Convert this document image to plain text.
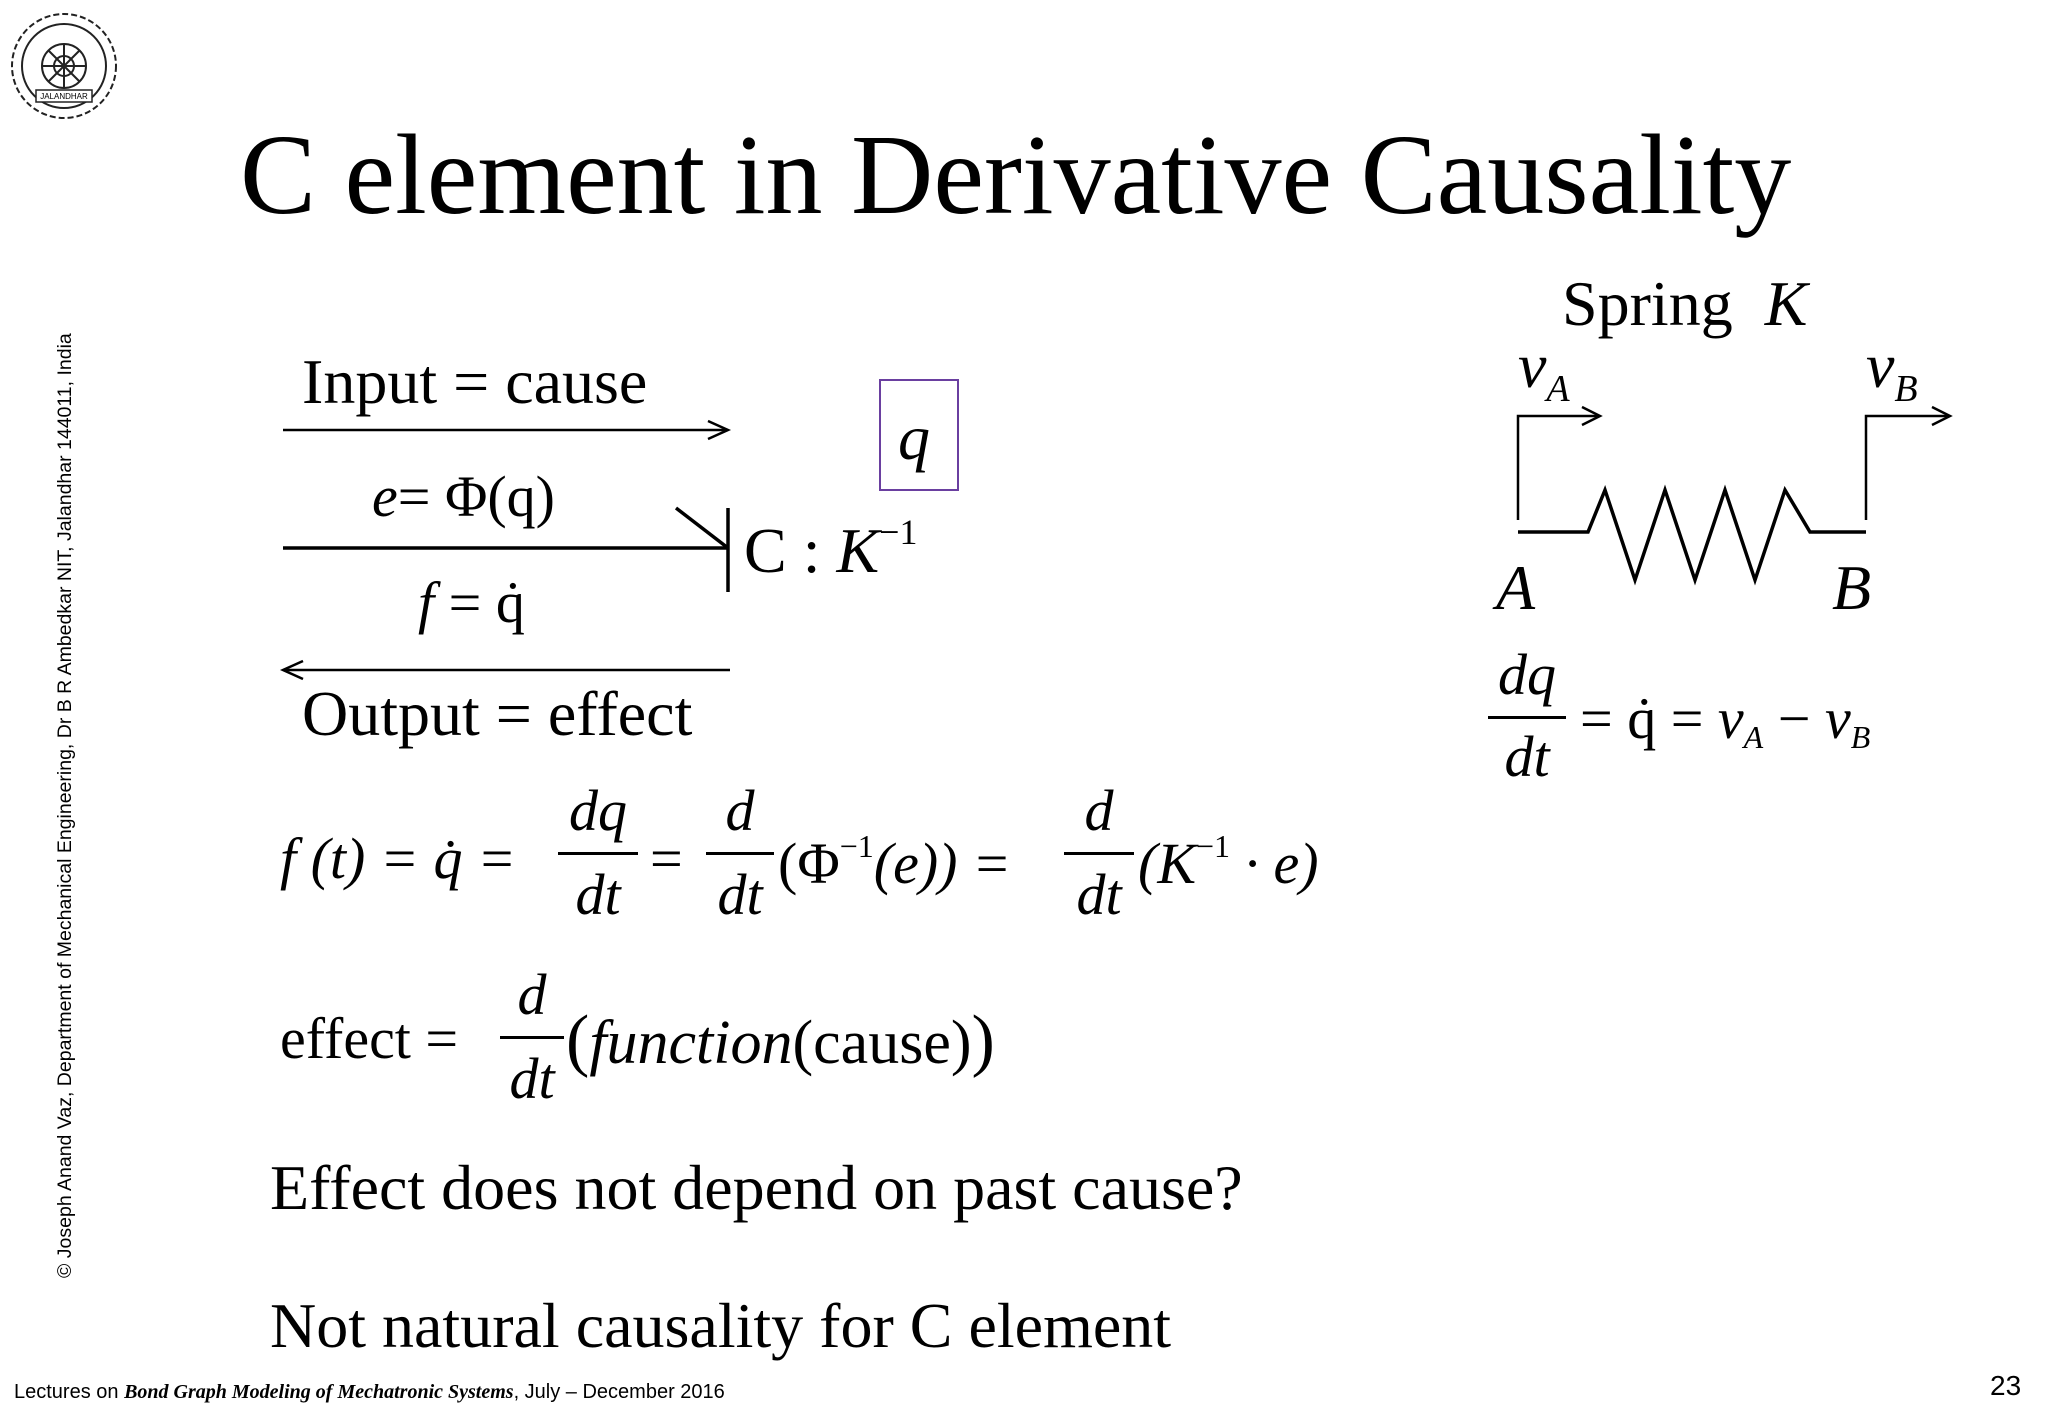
JALANDHAR
© Joseph Anand Vaz, Department of Mechanical Engineering, Dr B R Ambedkar NIT, Jalandhar 144011, India
C element in Derivative Causality
Input = cause
e= Φ(q)
f = q̇
Output = effect
q
C : $K^{-1}$
Spring K
$v_A$	$v_B$
A	B
dq
dt
= q̇ = $v_A - v_B$
f (t) = q̇ =
dq
dt
=
d
dt $(\Phi^{-1}(e))$ =
d
dt $(K^{-1} \cdot e)$
effect =
d
dt (function(cause))
Effect does not depend on past cause?
Not natural causality for C element
Lectures on Bond Graph Modeling of Mechatronic Systems, July – December 2016	23
